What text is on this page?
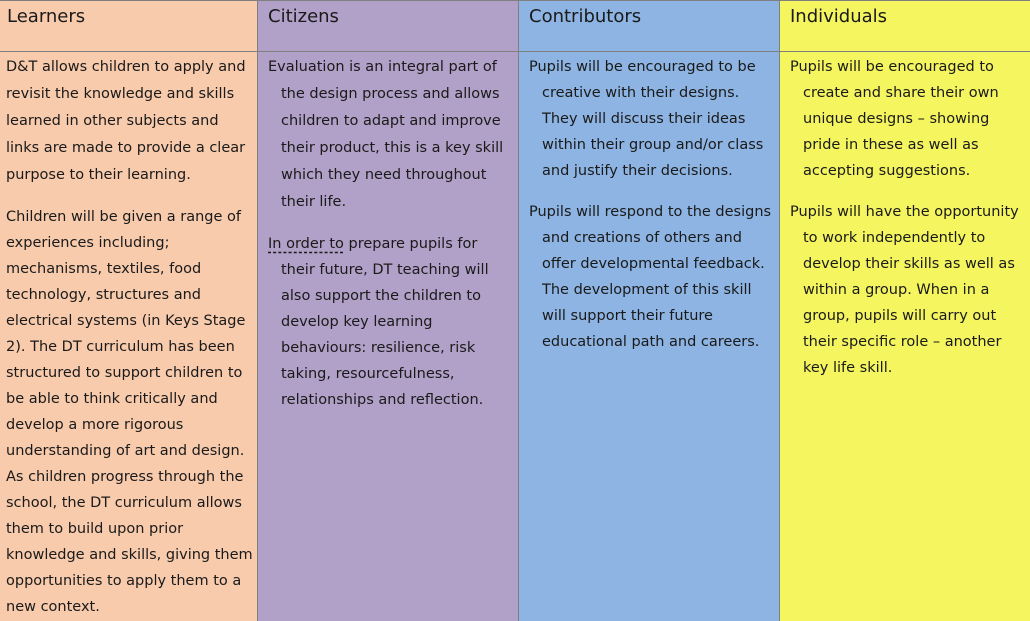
Learners

D&T allows children to apply and revisit the knowledge and skills learned in other subjects and links are made to provide a clear purpose to their learning.

Children will be given a range of experiences including; mechanisms, textiles, food technology, structures and electrical systems (in Keys Stage 2). The DT curriculum has been structured to support children to be able to think critically and develop a more rigorous understanding of art and design. As children progress through the school, the DT curriculum allows them to build upon prior knowledge and skills, giving them opportunities to apply them to a new context.

Citizens

Evaluation is an integral part of the design process and allows children to adapt and improve their product, this is a key skill which they need throughout their life.

In order to prepare pupils for their future, DT teaching will also support the children to develop key learning behaviours: resilience, risk taking, resourcefulness, relationships and reflection.

Contributors

Pupils will be encouraged to be creative with their designs. They will discuss their ideas within their group and/or class and justify their decisions.

Pupils will respond to the designs and creations of others and offer developmental feedback. The development of this skill will support their future educational path and careers.

Individuals

Pupils will be encouraged to create and share their own unique designs – showing pride in these as well as accepting suggestions.

Pupils will have the opportunity to work independently to develop their skills as well as within a group. When in a group, pupils will carry out their specific role – another key life skill.
